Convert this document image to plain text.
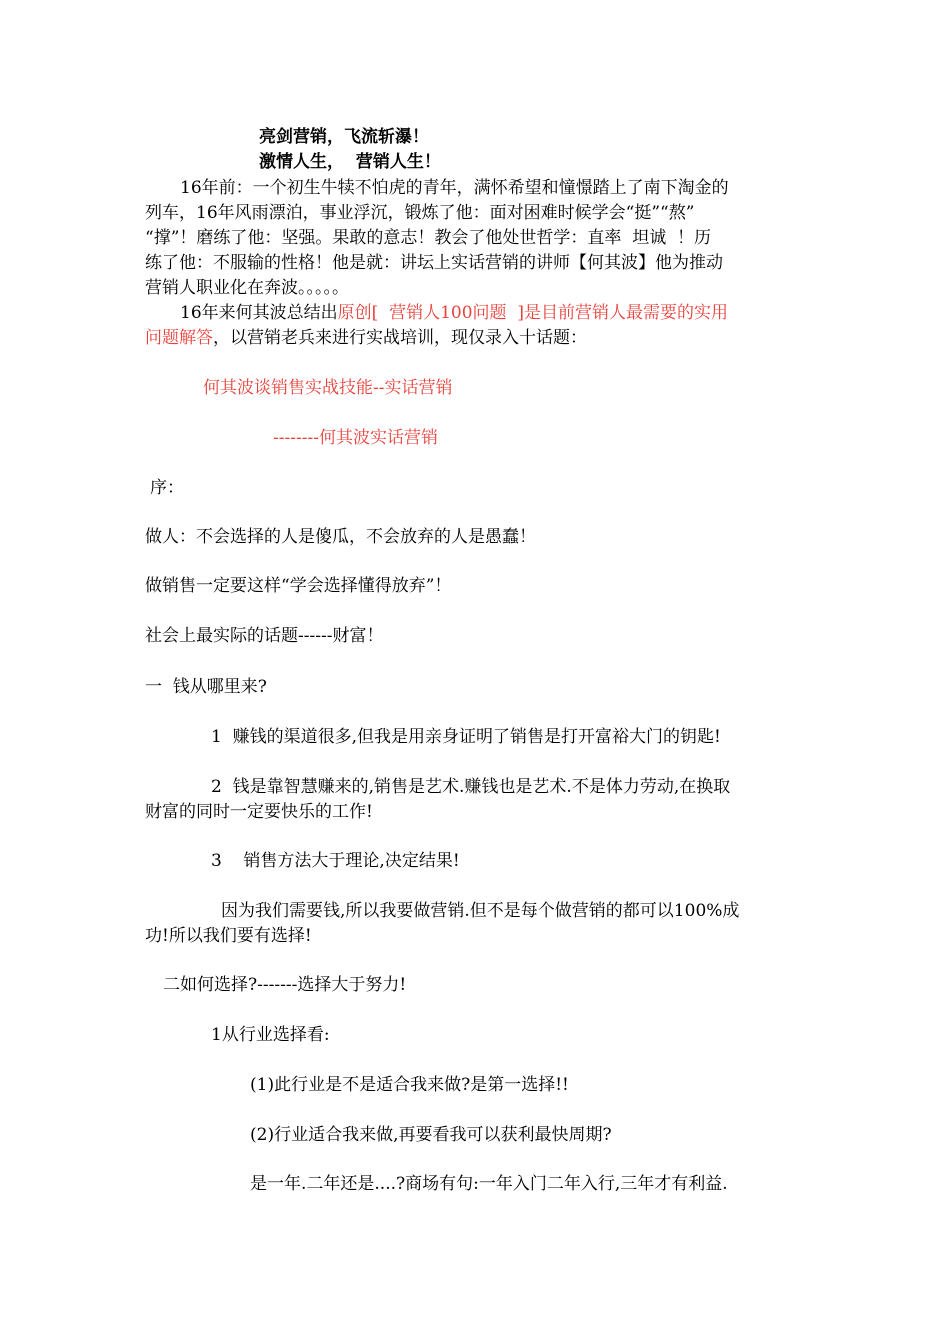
亮剑营销，飞流斩瀑！
激情人生，  营销人生！
16年前：一个初生牛犊不怕虎的青年，满怀希望和憧憬踏上了南下淘金的
列车，16年风雨漂泊，事业浮沉，锻炼了他：面对困难时候学会“挺”“熬”
“撑”！磨练了他：坚强。果敢的意志！教会了他处世哲学：直率  坦诚  ！历
练了他：不服输的性格！他是就：讲坛上实话营销的讲师【何其波】他为推动
营销人职业化在奔波。。。。。
16年来何其波总结出原创[  营销人100问题  ]是目前营销人最需要的实用
问题解答，以营销老兵来进行实战培训，现仅录入十话题：
何其波谈销售实战技能--实话营销
--------何其波实话营销
序：
做人：不会选择的人是傻瓜，不会放弃的人是愚蠢！
做销售一定要这样“学会选择懂得放弃”！
社会上最实际的话题------财富！
一  钱从哪里来?
1  赚钱的渠道很多,但我是用亲身证明了销售是打开富裕大门的钥匙!
2  钱是靠智慧赚来的,销售是艺术.赚钱也是艺术.不是体力劳动,在换取
财富的同时一定要快乐的工作!
3    销售方法大于理论,决定结果!
因为我们需要钱,所以我要做营销.但不是每个做营销的都可以100%成
功!所以我们要有选择!
二如何选择?-------选择大于努力!
1从行业选择看:
(1)此行业是不是适合我来做?是第一选择!!
(2)行业适合我来做,再要看我可以获利最快周期?
是一年.二年还是....?商场有句:一年入门二年入行,三年才有利益.
